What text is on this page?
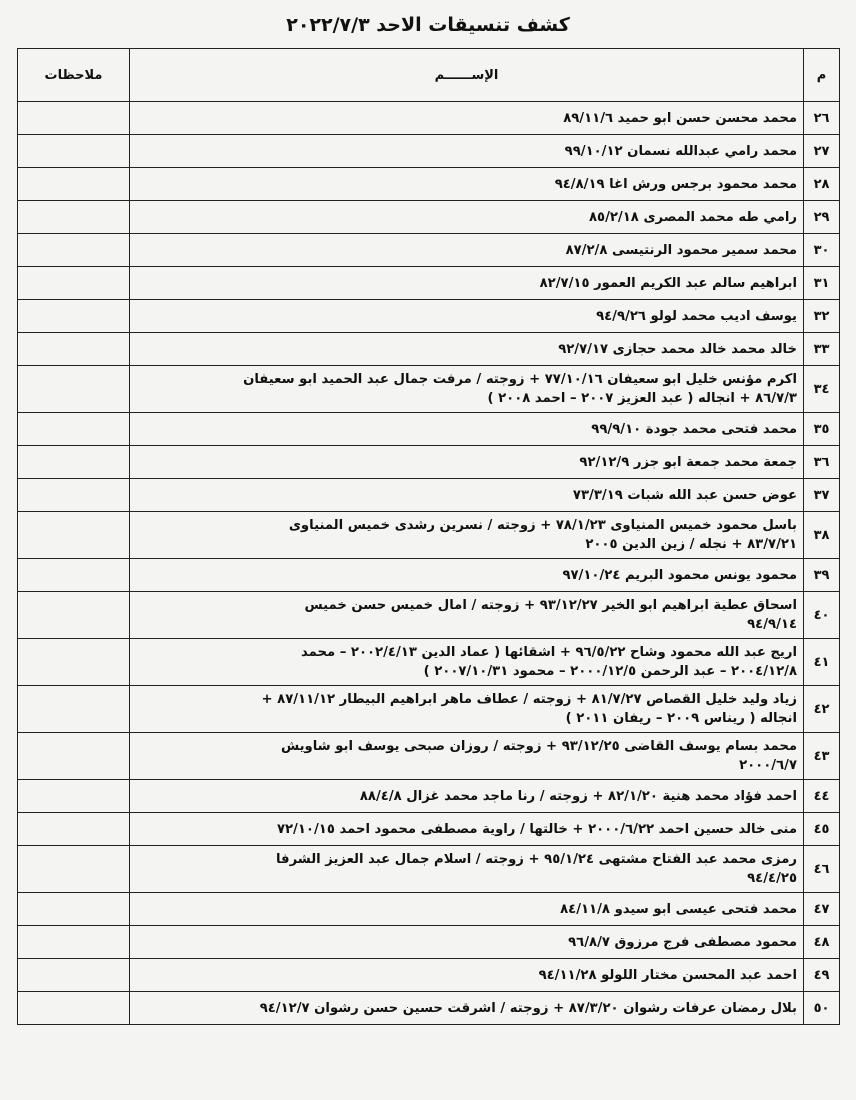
كشف تنسيقات الاحد ٢٠٢٢/٧/٣
م	الإســــــم	ملاحظات
٢٦	محمد محسن حسن ابو حميد ٨٩/١١/٦	

٢٧	محمد رامي عبدالله نسمان ٩٩/١٠/١٢	

٢٨	محمد محمود برجس ورش اغا ٩٤/٨/١٩	

٢٩	رامي طه محمد المصرى ٨٥/٢/١٨	

٣٠	محمد سمير محمود الرنتيسى ٨٧/٢/٨	

٣١	ابراهيم سالم عبد الكريم العمور ٨٢/٧/١٥	

٣٢	يوسف اديب محمد لولو ٩٤/٩/٢٦	

٣٣	خالد محمد خالد محمد حجازى ٩٢/٧/١٧	

٣٤	اكرم مؤنس خليل ابو سعيفان ٧٧/١٠/١٦ + زوجته / مرفت جمال عبد الحميد ابو سعيفان
٨٦/٧/٣ + انجاله ( عبد العزيز ٢٠٠٧ – احمد ٢٠٠٨ )	

٣٥	محمد فتحى محمد جودة ٩٩/٩/١٠	

٣٦	جمعة محمد جمعة ابو جزر ٩٢/١٢/٩	

٣٧	عوض حسن عبد الله شبات ٧٣/٣/١٩	

٣٨	باسل محمود خميس المنياوى ٧٨/١/٢٣ + زوجته / نسرين رشدى خميس المنياوى
٨٣/٧/٢١ + نجله / زين الدين ٢٠٠٥	

٣٩	محمود يونس محمود البريم ٩٧/١٠/٢٤	

٤٠	اسحاق عطية ابراهيم ابو الخير ٩٣/١٢/٢٧ + زوجته / امال خميس حسن خميس
٩٤/٩/١٤	

٤١	اريج عبد الله محمود وشاح ٩٦/٥/٢٢ + اشقائها ( عماد الدين ٢٠٠٢/٤/١٣ – محمد
٢٠٠٤/١٢/٨ – عبد الرحمن ٢٠٠٠/١٢/٥ – محمود ٢٠٠٧/١٠/٣١ )	

٤٢	زياد وليد خليل القصاص ٨١/٧/٢٧ + زوجته / عطاف ماهر ابراهيم البيطار ٨٧/١١/١٢ +
انجاله ( ريناس ٢٠٠٩ – ريفان ٢٠١١ )	

٤٣	محمد بسام يوسف القاضى ٩٣/١٢/٢٥ + زوجته / روزان صبحى يوسف ابو شاويش
٢٠٠٠/٦/٧	

٤٤	احمد فؤاد محمد هنية ٨٢/١/٢٠ + زوجته / رنا ماجد محمد غزال ٨٨/٤/٨	

٤٥	منى خالد حسين احمد ٢٠٠٠/٦/٢٢ + خالتها / راوية مصطفى محمود احمد ٧٢/١٠/١٥	

٤٦	رمزى محمد عبد الفتاح مشتهى ٩٥/١/٢٤ + زوجته / اسلام جمال عبد العزيز الشرفا
٩٤/٤/٢٥	

٤٧	محمد فتحى عيسى ابو سيدو ٨٤/١١/٨	

٤٨	محمود مصطفى فرج مرزوق ٩٦/٨/٧	

٤٩	احمد عبد المحسن مختار اللولو ٩٤/١١/٢٨	

٥٠	بلال رمضان عرفات رشوان ٨٧/٣/٢٠ + زوجته / اشرقت حسين حسن رشوان ٩٤/١٢/٧	
